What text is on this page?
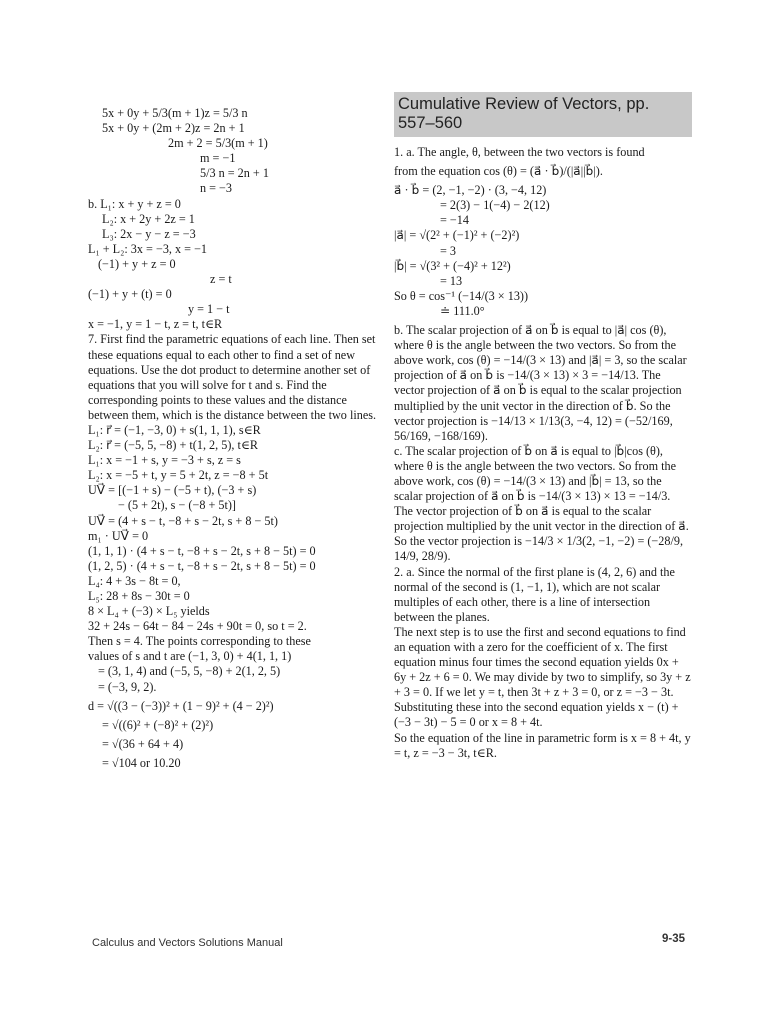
5x + 0y + 5/3(m + 1)z = 5/3 n
5x + 0y + (2m + 2)z = 2n + 1
2m + 2 = 5/3(m + 1)
m = −1
5/3 n = 2n + 1
n = −3
b. L₁: x + y + z = 0
L₂: x + 2y + 2z = 1
L₃: 2x − y − z = −3
L₁ + L₂: 3x = −3, x = −1
(−1) + y + z = 0
z = t
(−1) + y + (t) = 0
y = 1 − t
x = −1, y = 1 − t, z = t, t∈R
7. First find the parametric equations of each line. Then set these equations equal to each other to find a set of new equations. Use the dot product to determine another set of equations that you will solve for t and s. Find the corresponding points to these values and the distance between them, which is the distance between the two lines.
L₁: r⃗ = (−1, −3, 0) + s(1, 1, 1), s∈R
L₂: r⃗ = (−5, 5, −8) + t(1, 2, 5), t∈R
L₁: x = −1 + s, y = −3 + s, z = s
L₂: x = −5 + t, y = 5 + 2t, z = −8 + 5t
UV⃗ = [(−1 + s) − (−5 + t), (−3 + s)
− (5 + 2t), s − (−8 + 5t)]
UV⃗ = (4 + s − t, −8 + s − 2t, s + 8 − 5t)
m₁ · UV⃗ = 0
(1, 1, 1) · (4 + s − t, −8 + s − 2t, s + 8 − 5t) = 0
(1, 2, 5) · (4 + s − t, −8 + s − 2t, s + 8 − 5t) = 0
L₄: 4 + 3s − 8t = 0,
L₅: 28 + 8s − 30t = 0
8 × L₄ + (−3) × L₅ yields
32 + 24s − 64t − 84 − 24s + 90t = 0, so t = 2.
Then s = 4. The points corresponding to these
values of s and t are (−1, 3, 0) + 4(1, 1, 1)
= (3, 1, 4) and (−5, 5, −8) + 2(1, 2, 5)
= (−3, 9, 2).
d = √((3 − (−3))² + (1 − 9)² + (4 − 2)²)
= √((6)² + (−8)² + (2)²)
= √(36 + 64 + 4)
= √104 or 10.20
Cumulative Review of Vectors, pp. 557–560
1. a. The angle, θ, between the two vectors is found
from the equation cos (θ) = (a⃗ · b⃗)/(|a⃗||b⃗|).
a⃗ · b⃗ = (2, −1, −2) · (3, −4, 12)
= 2(3) − 1(−4) − 2(12)
= −14
|a⃗| = √(2² + (−1)² + (−2)²)
= 3
|b⃗| = √(3² + (−4)² + 12²)
= 13
So θ = cos⁻¹ (−14/(3 × 13))
≐ 111.0°
b. The scalar projection of a⃗ on b⃗ is equal to |a⃗| cos (θ), where θ is the angle between the two vectors. So from the above work, cos (θ) = −14/(3 × 13) and |a⃗| = 3, so the scalar projection of a⃗ on b⃗ is −14/(3 × 13) × 3 = −14/13. The vector projection of a⃗ on b⃗ is equal to the scalar projection multiplied by the unit vector in the direction of b⃗. So the vector projection is −14/13 × 1/13(3, −4, 12) = (−52/169, 56/169, −168/169).
c. The scalar projection of b⃗ on a⃗ is equal to |b⃗|cos (θ), where θ is the angle between the two vectors. So from the above work, cos (θ) = −14/(3 × 13) and |b⃗| = 13, so the scalar projection of a⃗ on b⃗ is −14/(3 × 13) × 13 = −14/3. The vector projection of b⃗ on a⃗ is equal to the scalar projection multiplied by the unit vector in the direction of a⃗. So the vector projection is −14/3 × 1/3(2, −1, −2) = (−28/9, 14/9, 28/9).
2. a. Since the normal of the first plane is (4, 2, 6) and the normal of the second is (1, −1, 1), which are not scalar multiples of each other, there is a line of intersection between the planes.
The next step is to use the first and second equations to find an equation with a zero for the coefficient of x. The first equation minus four times the second equation yields 0x + 6y + 2z + 6 = 0. We may divide by two to simplify, so 3y + z + 3 = 0. If we let y = t, then 3t + z + 3 = 0, or z = −3 − 3t. Substituting these into the second equation yields x − (t) + (−3 − 3t) − 5 = 0 or x = 8 + 4t.
So the equation of the line in parametric form is x = 8 + 4t, y = t, z = −3 − 3t, t∈R.
Calculus and Vectors Solutions Manual	9-35
